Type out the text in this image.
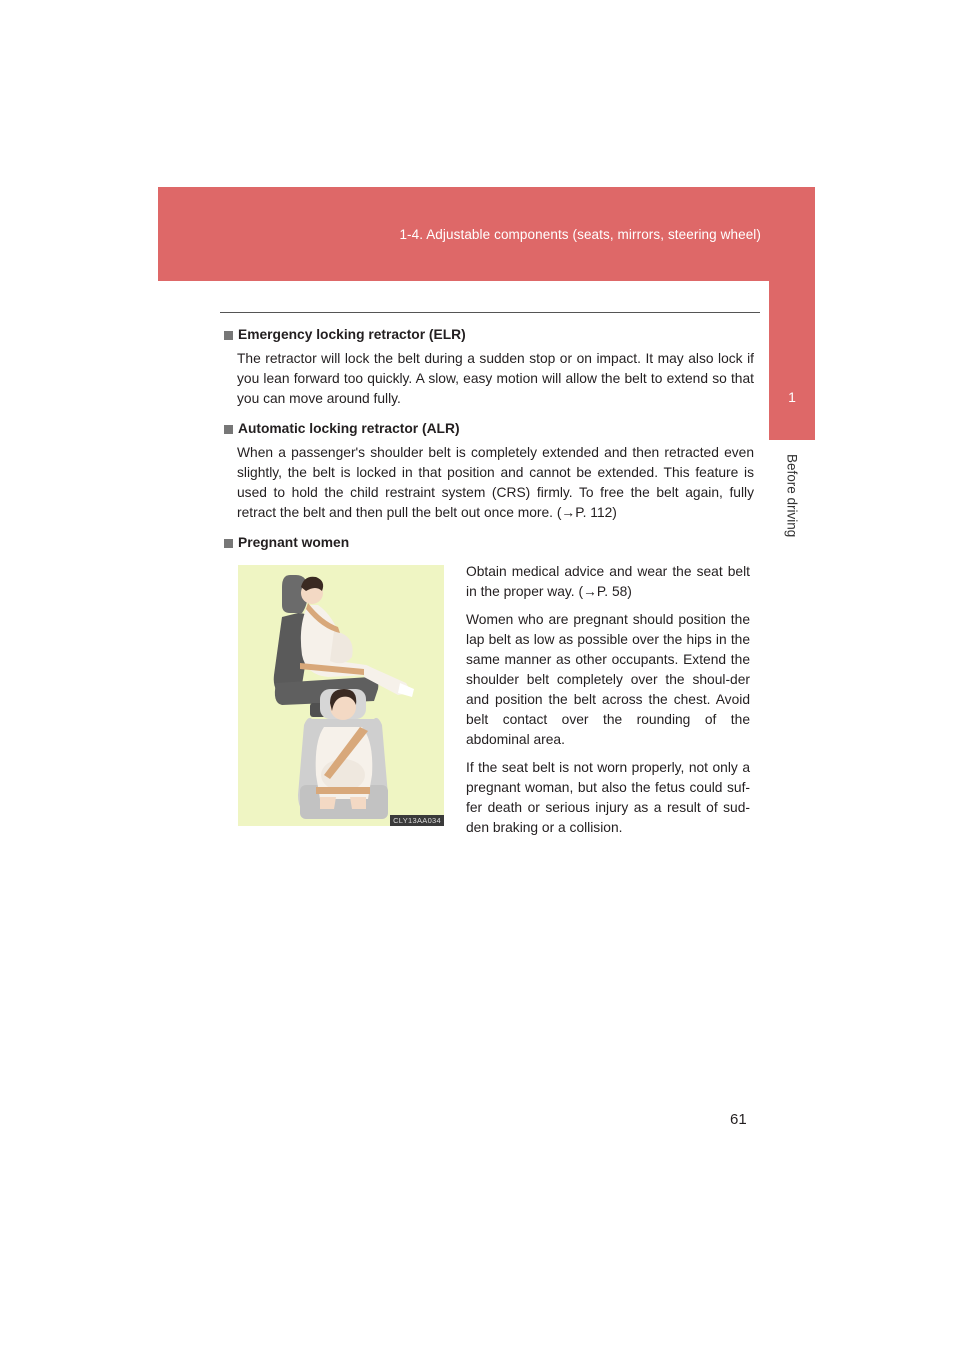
1-4. Adjustable components (seats, mirrors, steering wheel)
1
Before driving

Emergency locking retractor (ELR)

The retractor will lock the belt during a sudden stop or on impact. It may also lock if you lean forward too quickly. A slow, easy motion will allow the belt to extend so that you can move around fully.

Automatic locking retractor (ALR)

When a passenger's shoulder belt is completely extended and then retracted even slightly, the belt is locked in that position and cannot be extended. This feature is used to hold the child restraint system (CRS) firmly. To free the belt again, fully retract the belt and then pull the belt out once more. (→P. 112)

Pregnant women

CLY13AA034

Obtain medical advice and wear the seat belt in the proper way. (→P. 58)

Women who are pregnant should position the lap belt as low as possible over the hips in the same manner as other occupants. Extend the shoulder belt completely over the shoul-der and position the belt across the chest. Avoid belt contact over the rounding of the abdominal area.

If the seat belt is not worn properly, not only a pregnant woman, but also the fetus could suf-fer death or serious injury as a result of sud-den braking or a collision.

61
